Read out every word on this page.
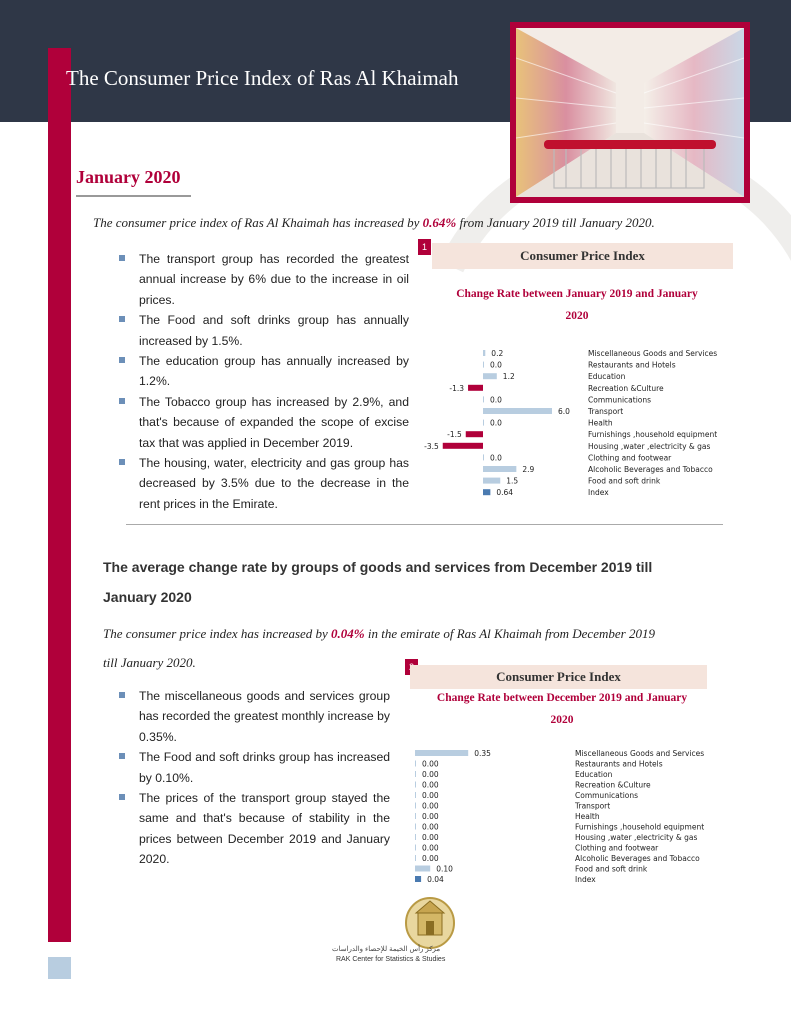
The Consumer Price Index of Ras Al Khaimah
January 2020
The consumer price index of Ras Al Khaimah has increased by 0.64% from January 2019 till January 2020.
The transport group has recorded the greatest annual increase by 6% due to the increase in oil prices.
The Food and soft drinks group has annually increased by 1.5%.
The education group has annually increased by 1.2%.
The Tobacco group has increased by 2.9%, and that's because of expanded the scope of excise tax that was applied in December 2019.
The housing, water, electricity and gas group has decreased by 3.5% due to the decrease in the rent prices in the Emirate.
1
Consumer Price Index
Change Rate between January 2019 and January 2020
0.2	Miscellaneous Goods and Services
0.0	Restaurants and Hotels
1.2	Education
-1.3	Recreation &Culture
0.0	Communications
6.0 Transport
0.0	Health
-1.5	Furnishings ,household equipment
-3.5	Housing ,water ,electricity & gas
0.0	Clothing and footwear
2.9	Alcoholic Beverages and Tobacco
1.5	Food and soft drink
0.64	Index
The average change rate by groups of goods and services from December 2019 till January 2020
The consumer price index has increased by 0.04% in the emirate of Ras Al Khaimah from December 2019
till January 2020.
The miscellaneous goods and services group has recorded the greatest monthly increase by 0.35%.
The Food and soft drinks group has increased by 0.10%.
The prices of the transport group stayed the same and that's because of stability in the prices between December 2019 and January 2020.
Consumer Price Index
Change Rate between December 2019 and January 2020
0.35	Miscellaneous Goods and Services
0.00	Restaurants and Hotels
0.00	Education
0.00	Recreation &Culture
0.00	Communications
0.00	Transport
0.00	Health
0.00	Furnishings ,household equipment
0.00	Housing ,water ,electricity & gas
0.00	Clothing and footwear
0.00	Alcoholic Beverages and Tobacco
0.10	Food and soft drink
0.04	Index
مركز رأس الخيمة للإحصاء والدراسات
RAK Center for Statistics & Studies
